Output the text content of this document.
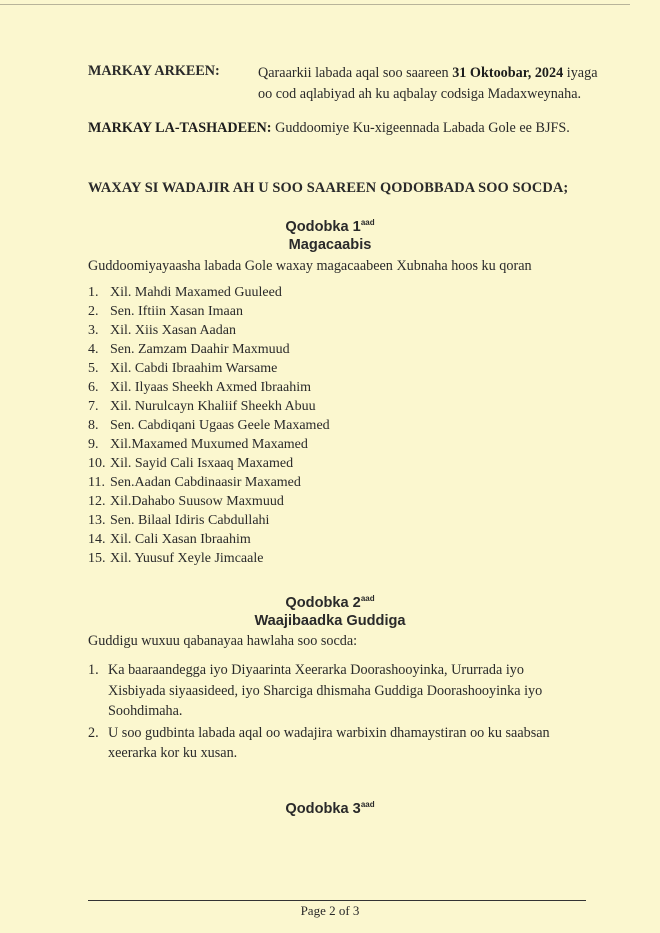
MARKAY ARKEEN:	Qaraarkii labada aqal soo saareen 31 Oktoobar, 2024 iyaga oo cod aqlabiyad ah ku aqbalay codsiga Madaxweynaha.
MARKAY LA-TASHADEEN: Guddoomiye Ku-xigeennada Labada Gole ee BJFS.
WAXAY SI WADAJIR AH U SOO SAAREEN QODOBBADA SOO SOCDA;
Qodobka $1^{aad}$
Magacaabis
Guddoomiyayaasha labada Gole waxay magacaabeen Xubnaha hoos ku qoran
1. Xil. Mahdi Maxamed Guuleed
2. Sen. Iftiin Xasan Imaan
3. Xil. Xiis Xasan Aadan
4. Sen. Zamzam Daahir Maxmuud
5. Xil. Cabdi Ibraahim Warsame
6. Xil. Ilyaas Sheekh Axmed Ibraahim
7. Xil. Nurulcayn Khaliif Sheekh Abuu
8. Sen. Cabdiqani Ugaas Geele Maxamed
9. Xil.Maxamed Muxumed Maxamed
10. Xil. Sayid Cali Isxaaq Maxamed
11. Sen.Aadan Cabdinaasir Maxamed
12. Xil.Dahabo Suusow Maxmuud
13. Sen. Bilaal Idiris Cabdullahi
14. Xil. Cali Xasan Ibraahim
15. Xil. Yuusuf Xeyle Jimcaale
Qodobka $2^{aad}$
Waajibaadka Guddiga
Guddigu wuxuu qabanayaa hawlaha soo socda:
1. Ka baaraandegga iyo Diyaarinta Xeerarka Doorashooyinka, Ururrada iyo Xisbiyada siyaasideed, iyo Sharciga dhismaha Guddiga Doorashooyinka iyo Soohdimaha.
2. U soo gudbinta labada aqal oo wadajira warbixin dhamaystiran oo ku saabsan xeerarka kor ku xusan.
Qodobka $3^{aad}$
Page 2 of 3
